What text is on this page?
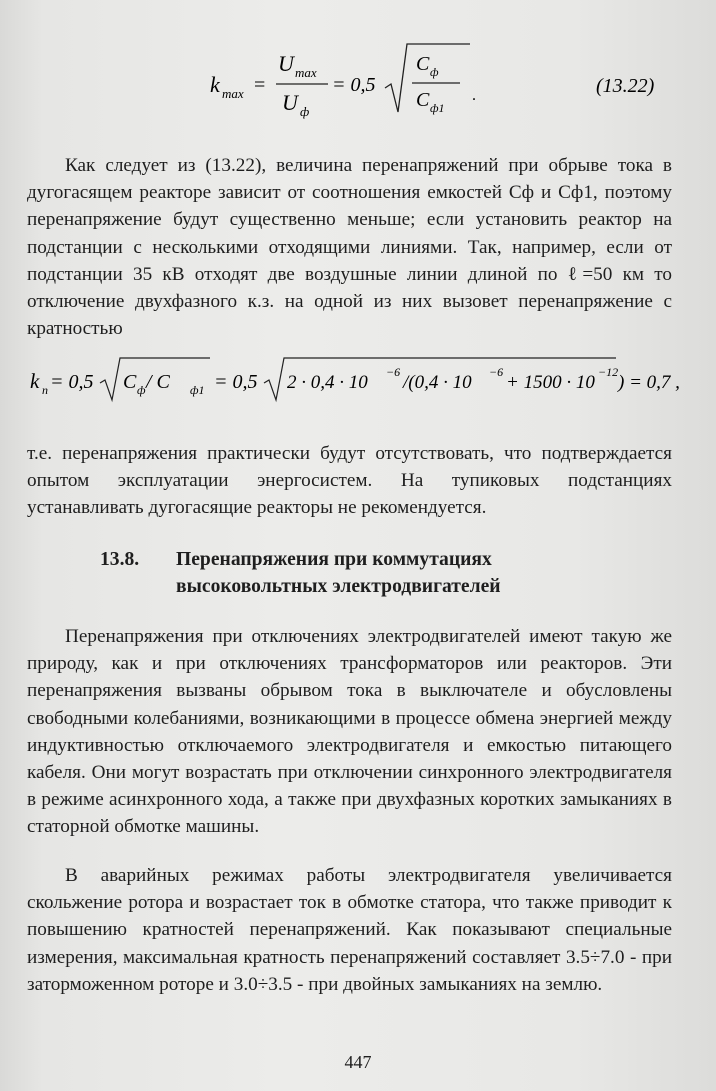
k max =
U max
U ф
= 0,5
C ф
C ф1
.	(13.22)

Как следует из (13.22), величина перенапряжений при обрыве тока в дугогасящем реакторе зависит от соотношения емкостей Cф и Cф1, поэтому перенапряжение будут существенно меньше; если установить реактор на подстанции с несколькими отходящими линиями. Так, например, если от подстанции 35 кВ отходят две воздушные линии длиной по ℓ=50 км то отключение двухфазного к.з. на одной из них вызовет перенапряжение с кратностью

k n = 0,5 C ф / C ф1 = 0,5 2 · 0,4 · 10 −6 /(0,4 · 10 −6 + 1500 · 10 −12 ) = 0,7 ,

т.е. перенапряжения практически будут отсутствовать, что подтверждается опытом эксплуатации энергосистем. На тупиковых подстанциях устанавливать дугогасящие реакторы не рекомендуется.

13.8. Перенапряжения при коммутациях
высоковольтных электродвигателей

Перенапряжения при отключениях электродвигателей имеют такую же природу, как и при отключениях трансформаторов или реакторов. Эти перенапряжения вызваны обрывом тока в выключателе и обусловлены свободными колебаниями, возникающими в процессе обмена энергией между индуктивностью отключаемого электродвигателя и емкостью питающего кабеля. Они могут возрастать при отключении синхронного электродвигателя в режиме асинхронного хода, а также при двухфазных коротких замыканиях в статорной обмотке машины.

В аварийных режимах работы электродвигателя увеличивается скольжение ротора и возрастает ток в обмотке статора, что также приводит к повышению кратностей перенапряжений. Как показывают специальные измерения, максимальная кратность перенапряжений составляет 3.5÷7.0 - при заторможенном роторе и 3.0÷3.5 - при двойных замыканиях на землю.

447
